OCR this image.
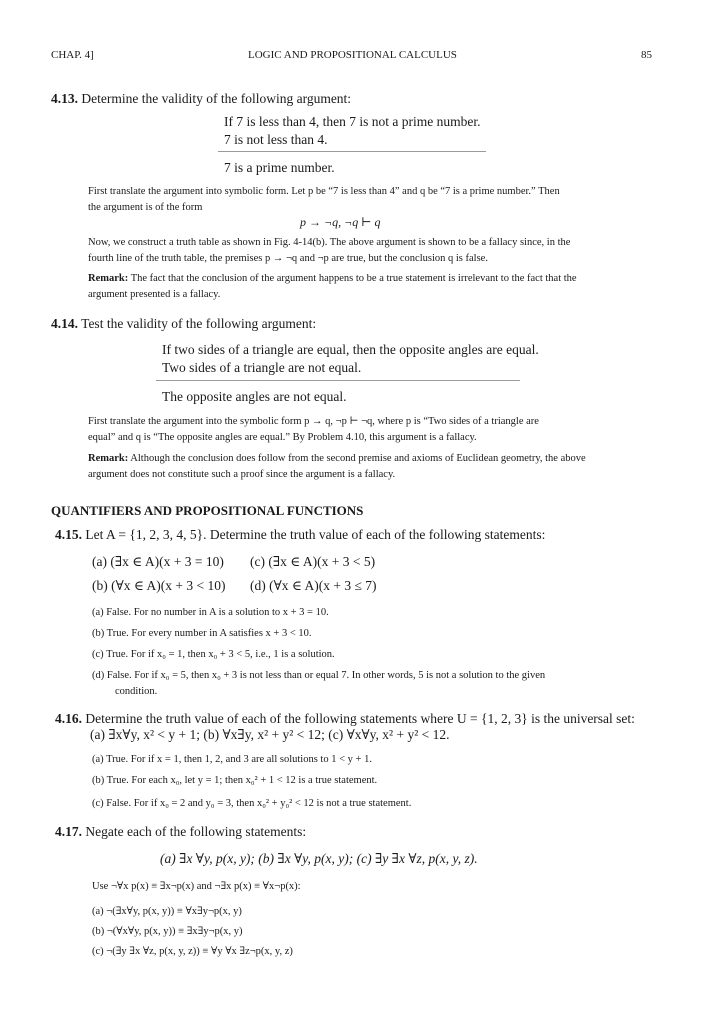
CHAP. 4]	LOGIC AND PROPOSITIONAL CALCULUS	85
4.13. Determine the validity of the following argument:
If 7 is less than 4, then 7 is not a prime number.
7 is not less than 4.
7 is a prime number.
First translate the argument into symbolic form. Let p be “7 is less than 4” and q be “7 is a prime number.” Then
the argument is of the form
p → ¬q, ¬q ⊢ q
Now, we construct a truth table as shown in Fig. 4-14(b). The above argument is shown to be a fallacy since, in the
fourth line of the truth table, the premises p → ¬q and ¬p are true, but the conclusion q is false.
Remark: The fact that the conclusion of the argument happens to be a true statement is irrelevant to the fact that the
argument presented is a fallacy.
4.14. Test the validity of the following argument:
If two sides of a triangle are equal, then the opposite angles are equal.
Two sides of a triangle are not equal.
The opposite angles are not equal.
First translate the argument into the symbolic form p → q, ¬p ⊢ ¬q, where p is “Two sides of a triangle are
equal” and q is “The opposite angles are equal.” By Problem 4.10, this argument is a fallacy.
Remark: Although the conclusion does follow from the second premise and axioms of Euclidean geometry, the above
argument does not constitute such a proof since the argument is a fallacy.
QUANTIFIERS AND PROPOSITIONAL FUNCTIONS
4.15. Let A = {1, 2, 3, 4, 5}. Determine the truth value of each of the following statements:
(a) (∃x ∈ A)(x + 3 = 10) (c) (∃x ∈ A)(x + 3 < 5)
(b) (∀x ∈ A)(x + 3 < 10) (d) (∀x ∈ A)(x + 3 ≤ 7)
(a) False. For no number in A is a solution to x + 3 = 10.
(b) True. For every number in A satisfies x + 3 < 10.
(c) True. For if x₀ = 1, then x₀ + 3 < 5, i.e., 1 is a solution.
(d) False. For if x₀ = 5, then x₀ + 3 is not less than or equal 7. In other words, 5 is not a solution to the given
condition.
4.16. Determine the truth value of each of the following statements where U = {1, 2, 3} is the universal set:
(a) ∃x∀y, x² < y + 1; (b) ∀x∃y, x² + y² < 12; (c) ∀x∀y, x² + y² < 12.
(a) True. For if x = 1, then 1, 2, and 3 are all solutions to 1 < y + 1.
(b) True. For each x₀, let y = 1; then x₀² + 1 < 12 is a true statement.
(c) False. For if x₀ = 2 and y₀ = 3, then x₀² + y₀² < 12 is not a true statement.
4.17. Negate each of the following statements:
(a) ∃x ∀y, p(x, y); (b) ∃x ∀y, p(x, y); (c) ∃y ∃x ∀z, p(x, y, z).
Use ¬∀x p(x) ≡ ∃x¬p(x) and ¬∃x p(x) ≡ ∀x¬p(x):
(a) ¬(∃x∀y, p(x, y)) ≡ ∀x∃y¬p(x, y)
(b) ¬(∀x∀y, p(x, y)) ≡ ∃x∃y¬p(x, y)
(c) ¬(∃y ∃x ∀z, p(x, y, z)) ≡ ∀y ∀x ∃z¬p(x, y, z)
